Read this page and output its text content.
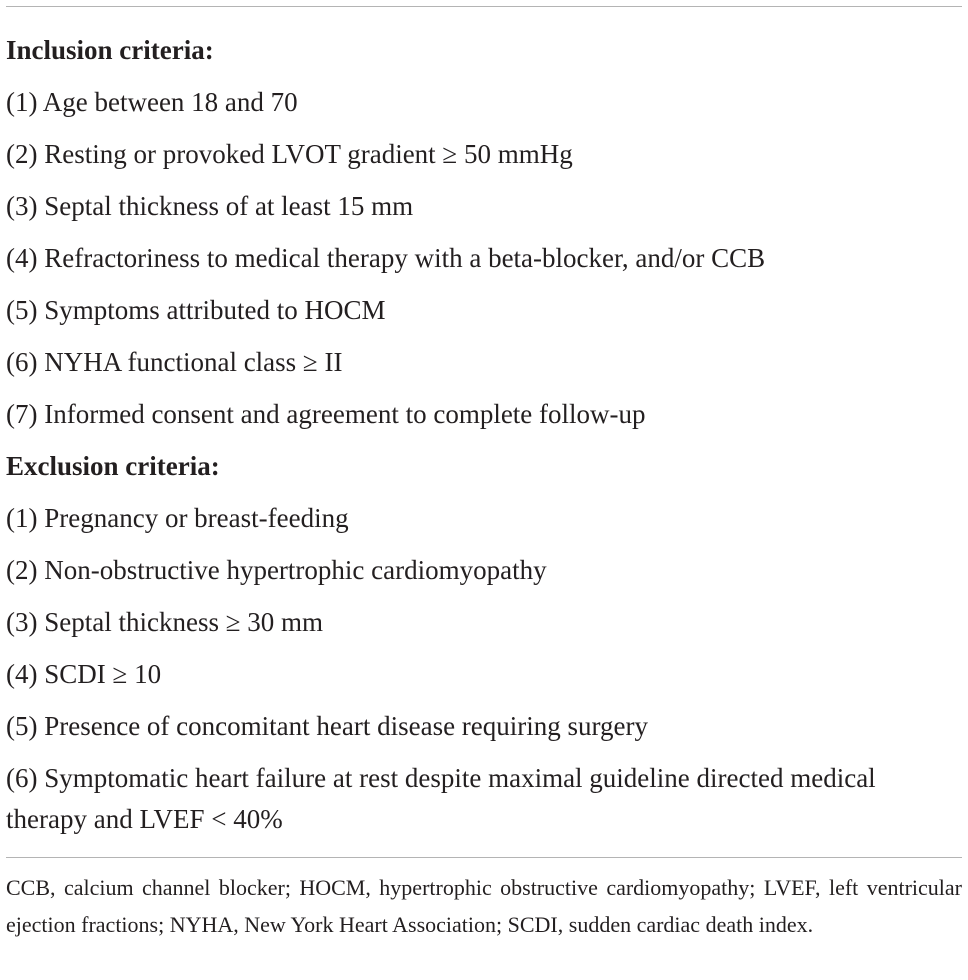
Inclusion criteria:
(1) Age between 18 and 70
(2) Resting or provoked LVOT gradient ≥ 50 mmHg
(3) Septal thickness of at least 15 mm
(4) Refractoriness to medical therapy with a beta-blocker, and/or CCB
(5) Symptoms attributed to HOCM
(6) NYHA functional class ≥ II
(7) Informed consent and agreement to complete follow-up
Exclusion criteria:
(1) Pregnancy or breast-feeding
(2) Non-obstructive hypertrophic cardiomyopathy
(3) Septal thickness ≥ 30 mm
(4) SCDI ≥ 10
(5) Presence of concomitant heart disease requiring surgery
(6) Symptomatic heart failure at rest despite maximal guideline directed medical therapy and LVEF < 40%
CCB, calcium channel blocker; HOCM, hypertrophic obstructive cardiomyopathy; LVEF, left ventricular ejection fractions; NYHA, New York Heart Association; SCDI, sudden cardiac death index.
